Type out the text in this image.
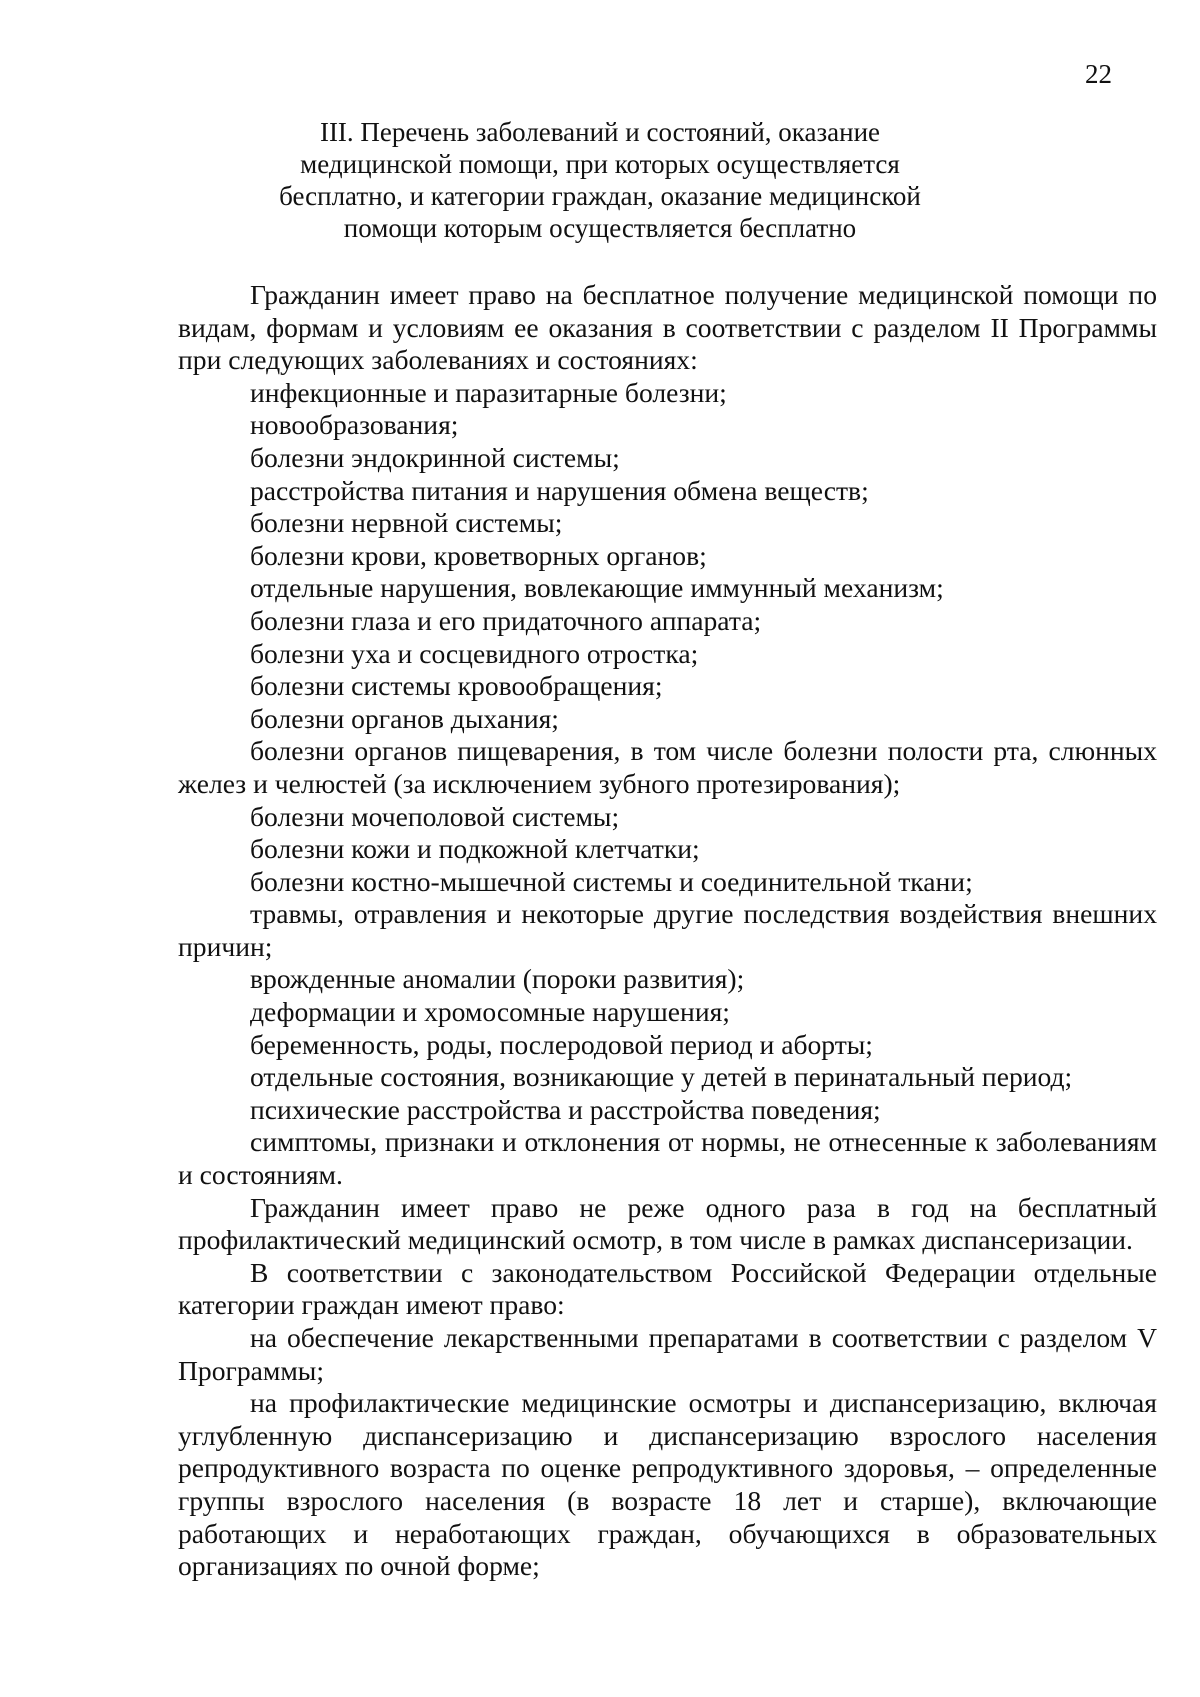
22
III. Перечень заболеваний и состояний, оказание
медицинской помощи, при которых осуществляется
бесплатно, и категории граждан, оказание медицинской
помощи которым осуществляется бесплатно

Гражданин имеет право на бесплатное получение медицинской помощи по видам, формам и условиям ее оказания в соответствии с разделом II Программы при следующих заболеваниях и состояниях:

инфекционные и паразитарные болезни;

новообразования;

болезни эндокринной системы;

расстройства питания и нарушения обмена веществ;

болезни нервной системы;

болезни крови, кроветворных органов;

отдельные нарушения, вовлекающие иммунный механизм;

болезни глаза и его придаточного аппарата;

болезни уха и сосцевидного отростка;

болезни системы кровообращения;

болезни органов дыхания;

болезни органов пищеварения, в том числе болезни полости рта, слюнных желез и челюстей (за исключением зубного протезирования);

болезни мочеполовой системы;

болезни кожи и подкожной клетчатки;

болезни костно-мышечной системы и соединительной ткани;

травмы, отравления и некоторые другие последствия воздействия внешних причин;

врожденные аномалии (пороки развития);

деформации и хромосомные нарушения;

беременность, роды, послеродовой период и аборты;

отдельные состояния, возникающие у детей в перинатальный период;

психические расстройства и расстройства поведения;

симптомы, признаки и отклонения от нормы, не отнесенные к заболеваниям и состояниям.

Гражданин имеет право не реже одного раза в год на бесплатный профилактический медицинский осмотр, в том числе в рамках диспансеризации.

В соответствии с законодательством Российской Федерации отдельные категории граждан имеют право:

на обеспечение лекарственными препаратами в соответствии с разделом V Программы;

на профилактические медицинские осмотры и диспансеризацию, включая углубленную диспансеризацию и диспансеризацию взрослого населения репродуктивного возраста по оценке репродуктивного здоровья, – определенные группы взрослого населения (в возрасте 18 лет и старше), включающие работающих и неработающих граждан, обучающихся в образовательных организациях по очной форме;
